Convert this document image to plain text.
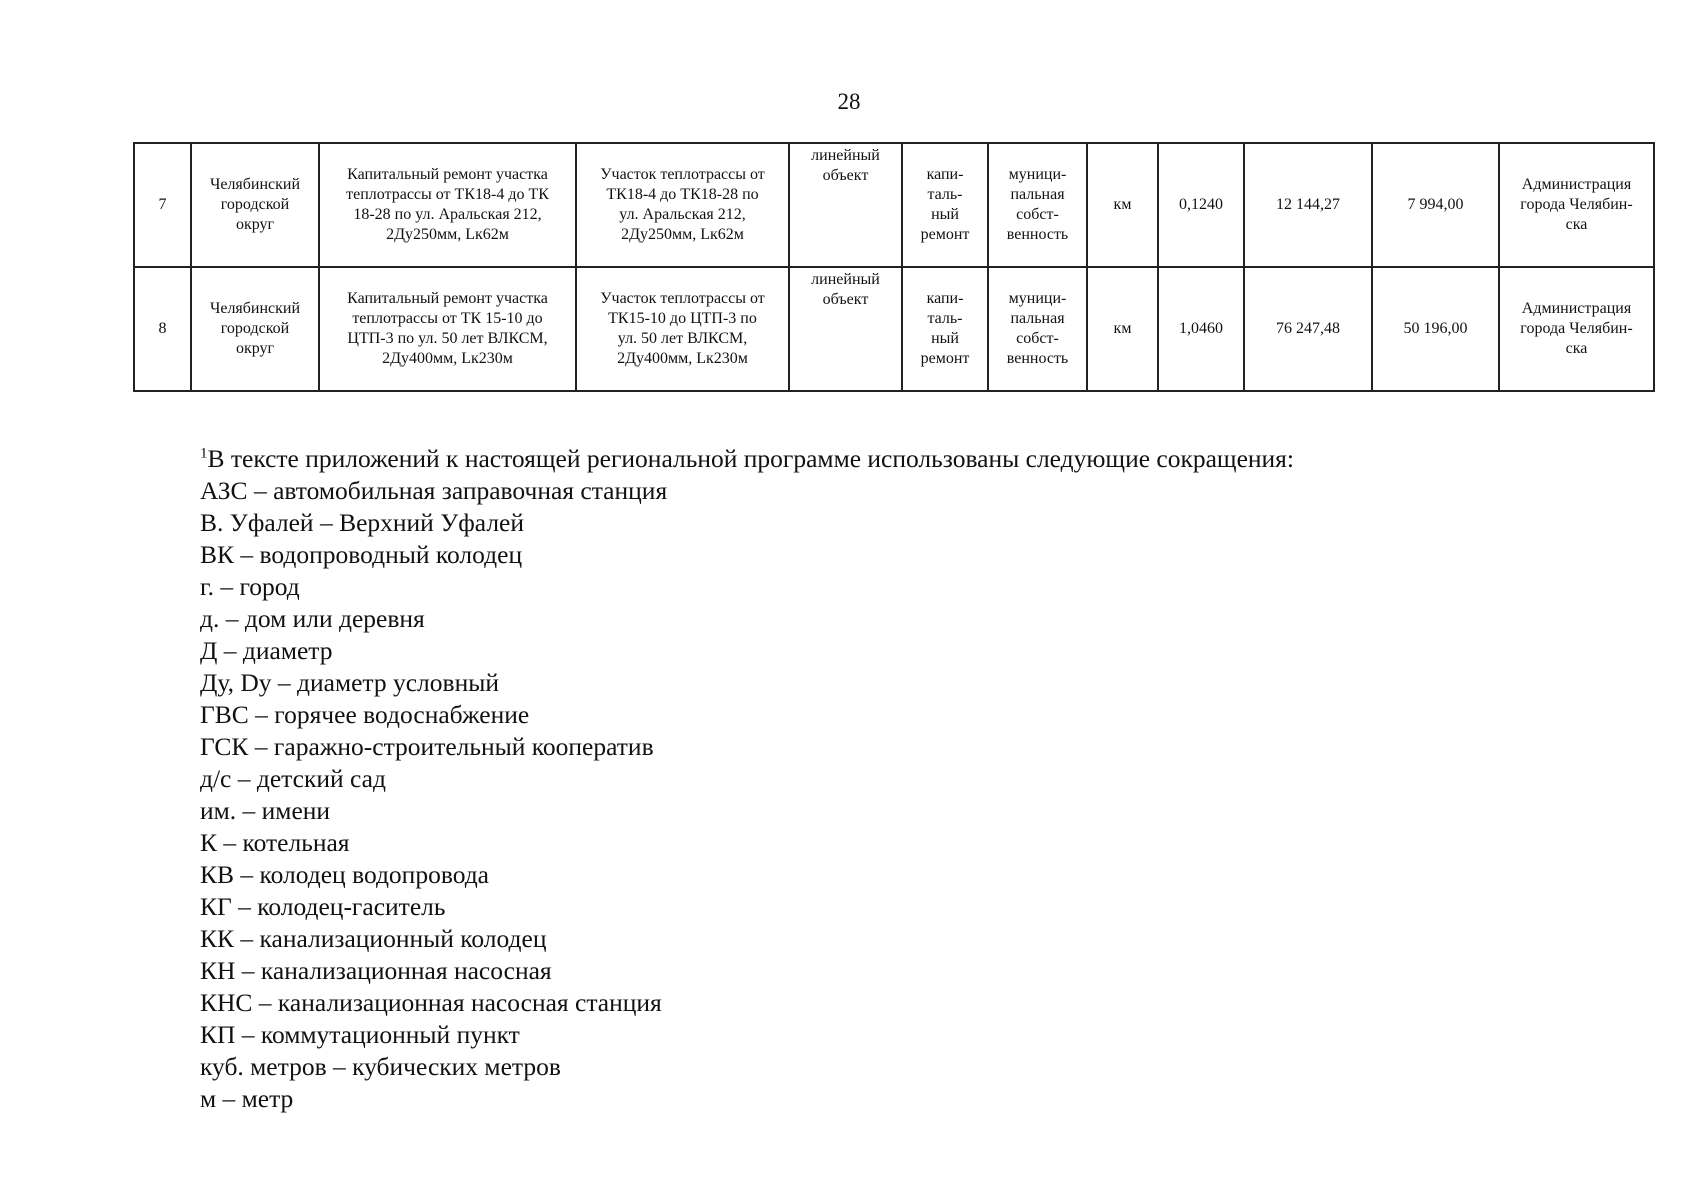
28
7	Челябинский
городской
округ	Капитальный ремонт участка
теплотрассы от ТК18-4 до ТК
18-28 по ул. Аральская 212,
2Ду250мм, Lк62м	Участок теплотрассы от
ТК18-4 до ТК18-28 по
ул. Аральская 212,
2Ду250мм, Lк62м	линейный
объект	капи-
таль-
ный
ремонт	муници-
пальная
собст-
венность	км	0,1240	12 144,27	7 994,00	Администрация
города Челябин-
ска
8	Челябинский
городской
округ	Капитальный ремонт участка
теплотрассы от ТК 15-10 до
ЦТП-3 по ул. 50 лет ВЛКСМ,
2Ду400мм, Lк230м	Участок теплотрассы от
ТК15-10 до ЦТП-3 по
ул. 50 лет ВЛКСМ,
2Ду400мм, Lк230м	линейный
объект	капи-
таль-
ный
ремонт	муници-
пальная
собст-
венность	км	1,0460	76 247,48	50 196,00	Администрация
города Челябин-
ска
$^1$В тексте приложений к настоящей региональной программе использованы следующие сокращения:
АЗС – автомобильная заправочная станция
В. Уфалей – Верхний Уфалей
ВК – водопроводный колодец
г. – город
д. – дом или деревня
Д – диаметр
Ду, Dy – диаметр условный
ГВС – горячее водоснабжение
ГСК – гаражно-строительный кооператив
д/с – детский сад
им. – имени
К – котельная
КВ – колодец водопровода
КГ – колодец-гаситель
КК – канализационный колодец
КН – канализационная насосная
КНС – канализационная насосная станция
КП – коммутационный пункт
куб. метров – кубических метров
м – метр
